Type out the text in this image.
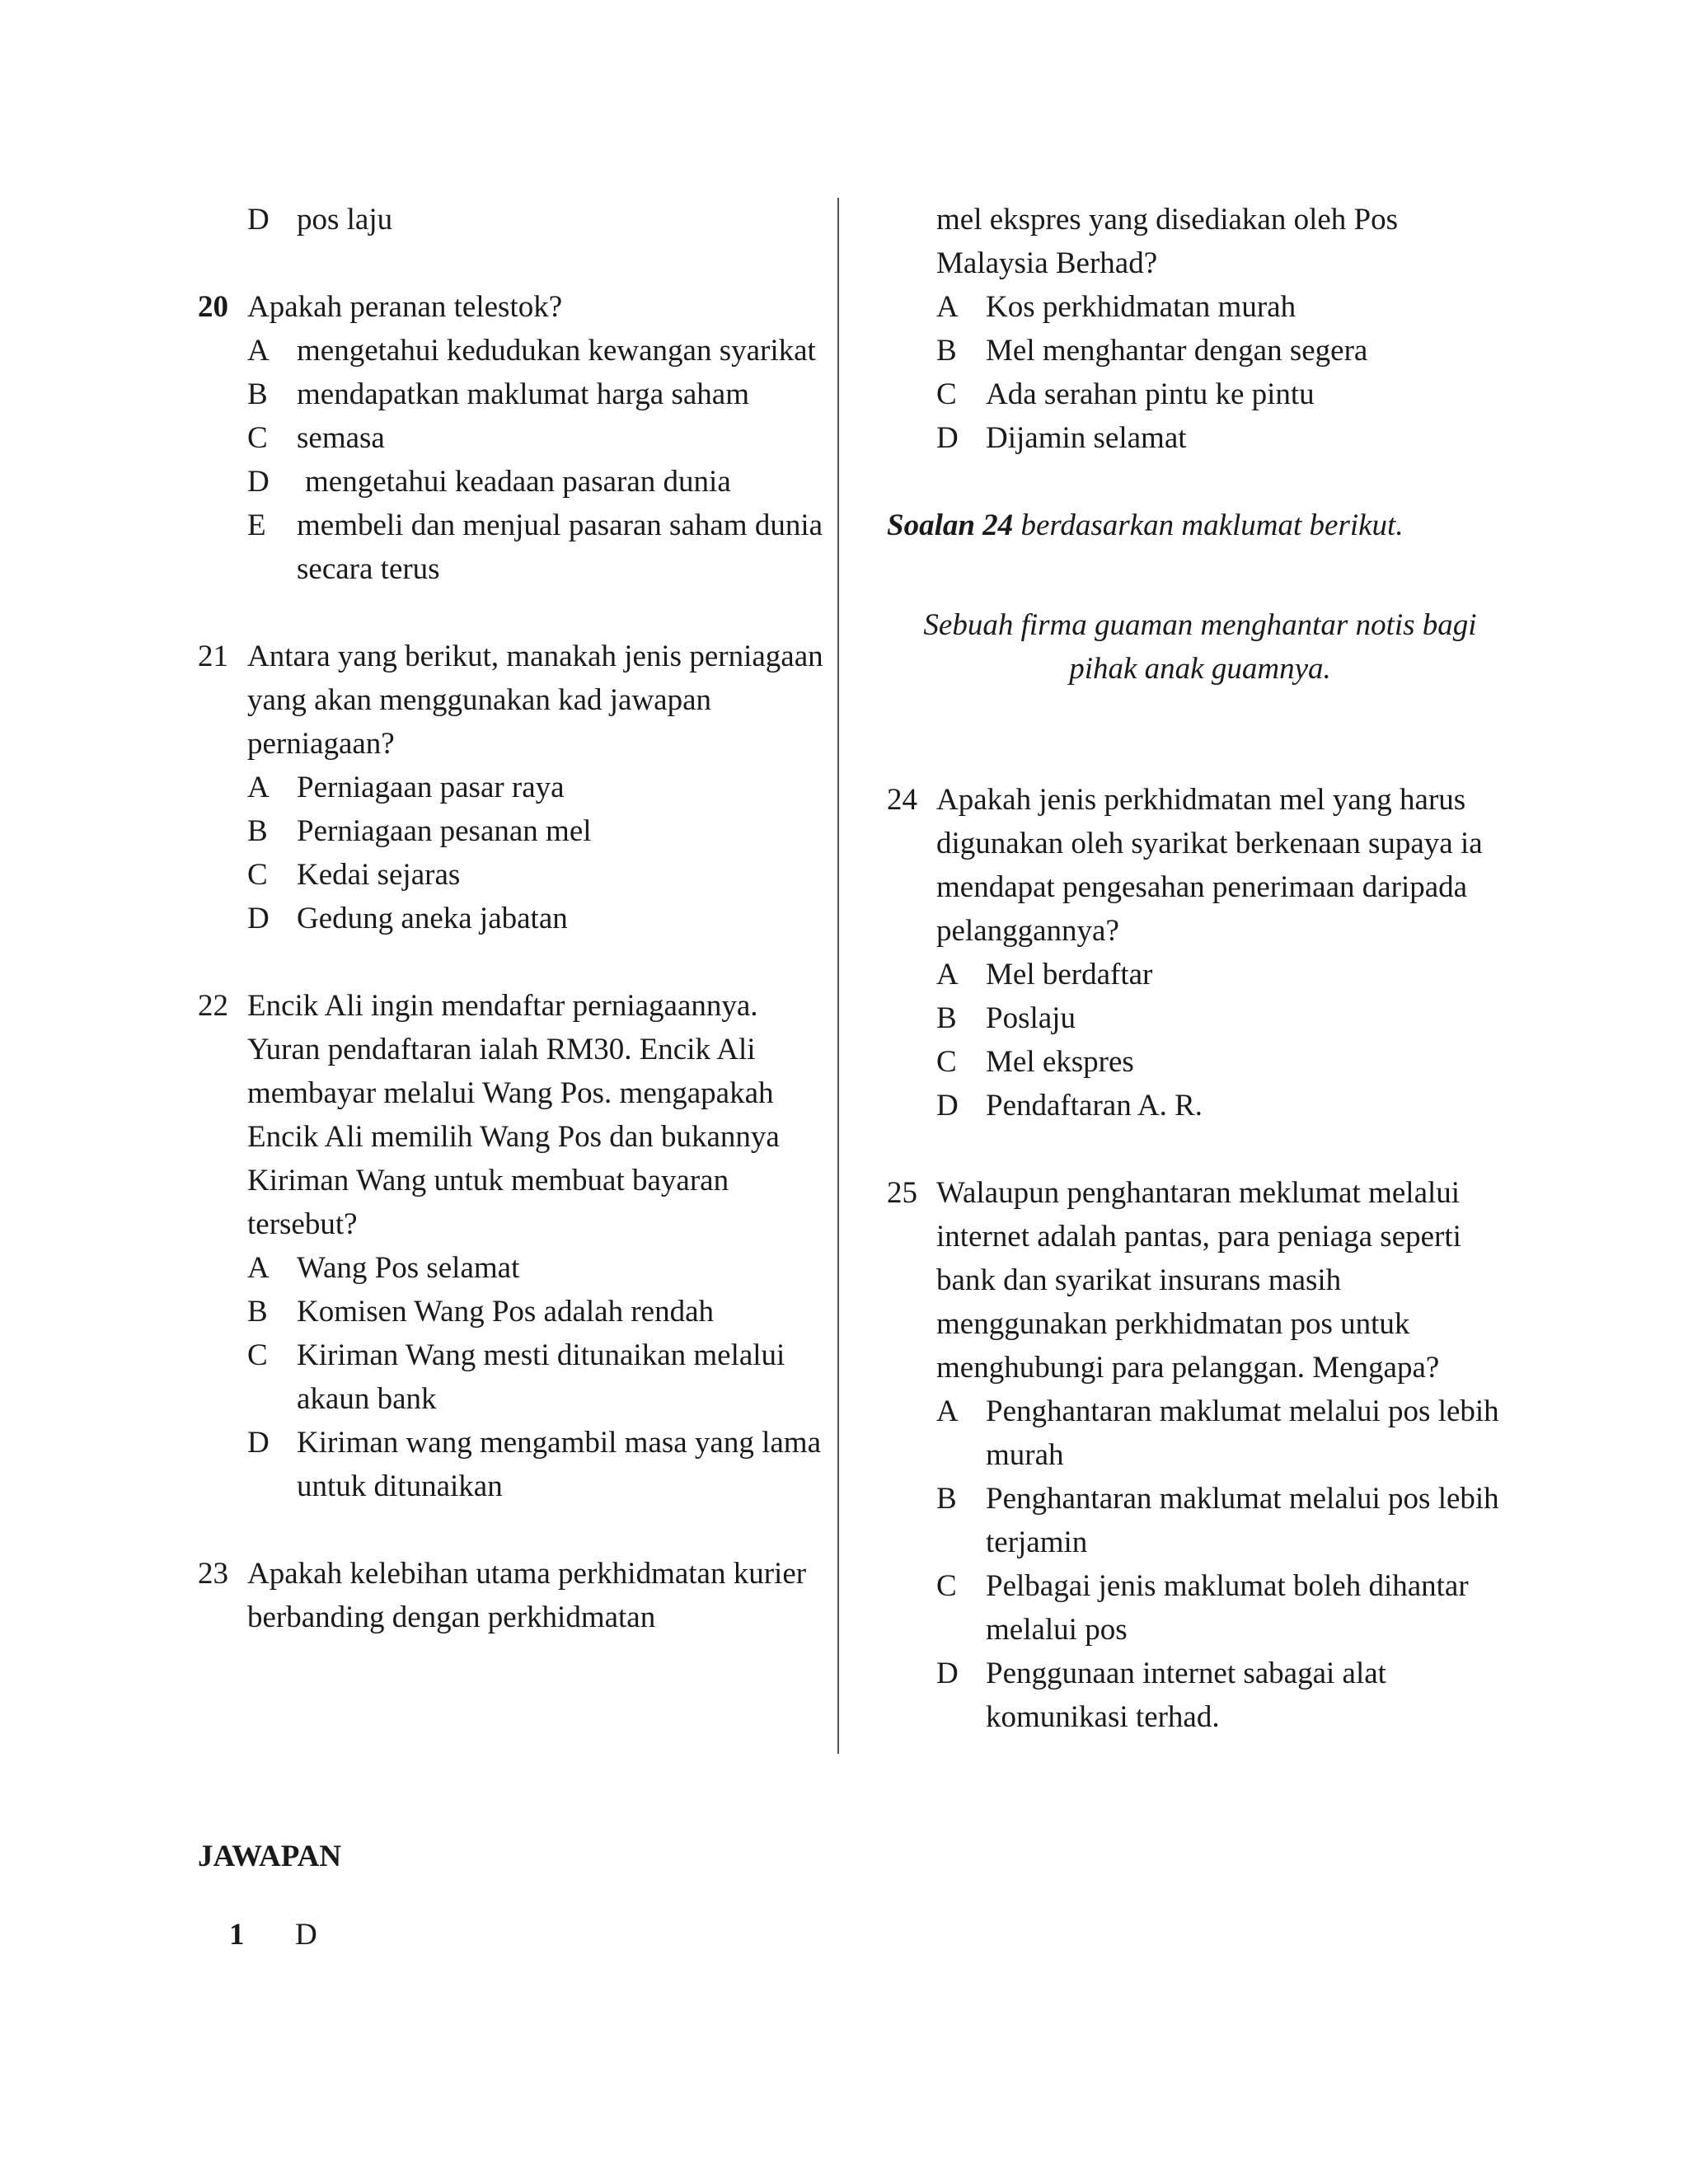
D pos laju
20 Apakah peranan telestok?
A mengetahui kedudukan kewangan syarikat
B mendapatkan maklumat harga saham
C semasa
D mengetahui keadaan pasaran dunia
E membeli dan menjual pasaran saham dunia secara terus
21 Antara yang berikut, manakah jenis perniagaan yang akan menggunakan kad jawapan perniagaan?
A Perniagaan pasar raya
B Perniagaan pesanan mel
C Kedai sejaras
D Gedung aneka jabatan
22 Encik Ali ingin mendaftar perniagaannya. Yuran pendaftaran ialah RM30. Encik Ali membayar melalui Wang Pos. mengapakah Encik Ali memilih Wang Pos dan bukannya Kiriman Wang untuk membuat bayaran tersebut?
A Wang Pos selamat
B Komisen Wang Pos adalah rendah
C Kiriman Wang mesti ditunaikan melalui akaun bank
D Kiriman wang mengambil masa yang lama untuk ditunaikan
23 Apakah kelebihan utama perkhidmatan kurier berbanding dengan perkhidmatan
mel ekspres yang disediakan oleh Pos Malaysia Berhad?
A Kos perkhidmatan murah
B Mel menghantar dengan segera
C Ada serahan pintu ke pintu
D Dijamin selamat
Soalan 24 berdasarkan maklumat berikut.
Sebuah firma guaman menghantar notis bagi pihak anak guamnya.
24 Apakah jenis perkhidmatan mel yang harus digunakan oleh syarikat berkenaan supaya ia mendapat pengesahan penerimaan daripada pelanggannya?
A Mel berdaftar
B Poslaju
C Mel ekspres
D Pendaftaran A. R.
25 Walaupun penghantaran meklumat melalui internet adalah pantas, para peniaga seperti bank dan syarikat insurans masih menggunakan perkhidmatan pos untuk menghubungi para pelanggan. Mengapa?
A Penghantaran maklumat melalui pos lebih murah
B Penghantaran maklumat melalui pos lebih terjamin
C Pelbagai jenis maklumat boleh dihantar melalui pos
D Penggunaan internet sabagai alat komunikasi terhad.
JAWAPAN
1 D
